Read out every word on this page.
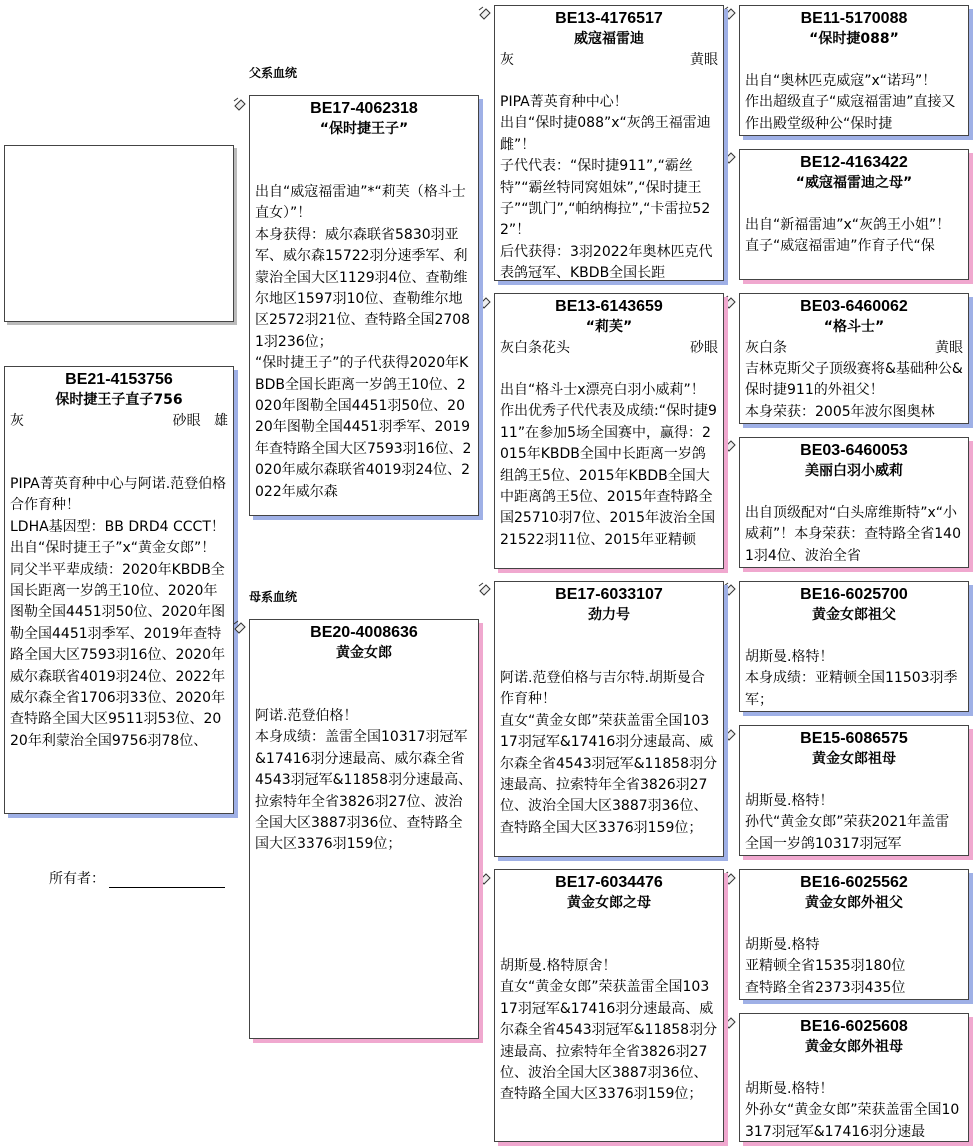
BE21-4153756
保时捷王子直子756
灰	砂眼 雄
PIPA菁英育种中心与阿诺.范登伯格合作育种！
LDHA基因型：BB DRD4 CCCT！出自“保时捷王子”x“黄金女郎”！
同父半平辈成绩：2020年KBDB全国长距离一岁鸽王10位、2020年图勒全国4451羽50位、2020年图勒全国4451羽季军、2019年查特路全国大区7593羽16位、2020年威尔森联省4019羽24位、2022年威尔森全省1706羽33位、2020年查特路全国大区9511羽53位、2020年利蒙治全国9756羽78位、
所有者：
父系血统
母系血统
BE17-4062318
“保时捷王子”
出自“威寇福雷迪”*“莉芙（格斗士直女）”！
本身获得：威尔森联省5830羽亚军、威尔森15722羽分速季军、利蒙治全国大区1129羽4位、查勒维尔地区1597羽10位、查勒维尔地区2572羽21位、查特路全国27081羽236位；
“保时捷王子”的子代获得2020年KBDB全国长距离一岁鸽王10位、2020年图勒全国4451羽50位、2020年图勒全国4451羽季军、2019年查特路全国大区7593羽16位、2020年威尔森联省4019羽24位、2022年威尔森
BE20-4008636
黄金女郎
阿诺.范登伯格！
本身成绩：盖雷全国10317羽冠军&17416羽分速最高、威尔森全省4543羽冠军&11858羽分速最高、拉索特年全省3826羽27位、波治全国大区3887羽36位、查特路全国大区3376羽159位；
BE13-4176517
威寇福雷迪
灰	黄眼
PIPA菁英育种中心！
出自“保时捷088”x“灰鸽王福雷迪雌”！
子代代表：“保时捷911”,“霸丝特”“霸丝特同窝姐妹”,“保时捷王子”“凯门”,“帕纳梅拉”,“卡雷拉522”！
后代获得：3羽2022年奥林匹克代表鸽冠军、KBDB全国长距
BE13-6143659
“莉芙”
灰白条花头	砂眼
出自“格斗士x漂亮白羽小威莉”！作出优秀子代代表及成绩:“保时捷911”在参加5场全国赛中，赢得：2015年KBDB全国中长距离一岁鸽组鸽王5位、2015年KBDB全国大中距离鸽王5位、2015年查特路全国25710羽7位、2015年波治全国21522羽11位、2015年亚精顿
BE17-6033107
劲力号
阿诺.范登伯格与吉尔特.胡斯曼合作育种！
直女“黄金女郎”荣获盖雷全国10317羽冠军&17416羽分速最高、威尔森全省4543羽冠军&11858羽分速最高、拉索特年全省3826羽27位、波治全国大区3887羽36位、查特路全国大区3376羽159位；
BE17-6034476
黄金女郎之母
胡斯曼.格特原舍！
直女“黄金女郎”荣获盖雷全国10317羽冠军&17416羽分速最高、威尔森全省4543羽冠军&11858羽分速最高、拉索特年全省3826羽27位、波治全国大区3887羽36位、查特路全国大区3376羽159位；
BE11-5170088
“保时捷088”
出自“奥林匹克威寇”x“诺玛”！
作出超级直子“威寇福雷迪”直接又作出殿堂级种公“保时捷
BE12-4163422
“威寇福雷迪之母”
出自“新福雷迪”x“灰鸽王小姐”！
直子“威寇福雷迪”作育子代“保
BE03-6460062
“格斗士”
灰白条	黄眼
吉林克斯父子顶级赛将&基础种公&保时捷911的外祖父！
本身荣获：2005年波尔图奥林
BE03-6460053
美丽白羽小威莉
出自顶级配对“白头席维斯特”x“小威莉”！本身荣获：查特路全省1401羽4位、波治全省
BE16-6025700
黄金女郎祖父
胡斯曼.格特！
本身成绩：亚精顿全国11503羽季军；
BE15-6086575
黄金女郎祖母
胡斯曼.格特！
孙代“黄金女郎”荣获2021年盖雷全国一岁鸽10317羽冠军
BE16-6025562
黄金女郎外祖父
胡斯曼.格特
亚精顿全省1535羽180位
查特路全省2373羽435位
BE16-6025608
黄金女郎外祖母
胡斯曼.格特！
外孙女“黄金女郎”荣获盖雷全国10317羽冠军&17416羽分速最
